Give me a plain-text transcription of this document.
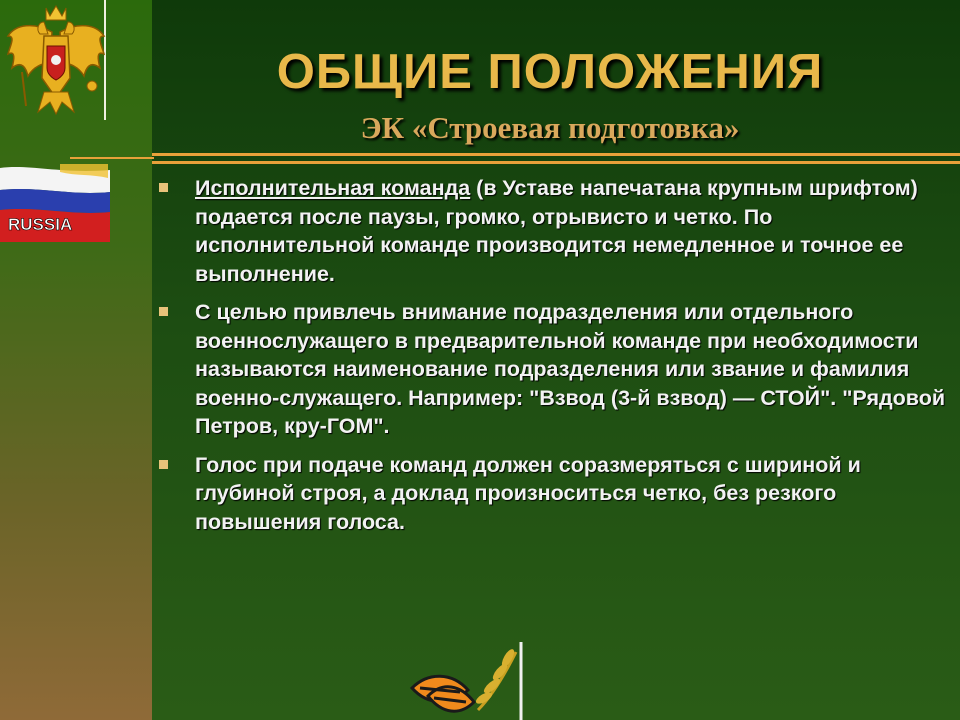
RUSSIA
ОБЩИЕ ПОЛОЖЕНИЯ
ЭК «Строевая подготовка»
Исполнительная команда (в Уставе напечатана крупным шрифтом) подается после паузы, громко, отрывисто и четко. По исполнительной команде производится немедленное и точное ее выполнение.
С целью привлечь внимание подразделения или отдельного военнослужащего в предварительной команде при необходимости называются наименование подразделения или звание и фамилия военно-служащего. Например: "Взвод (3-й взвод) — СТОЙ". "Рядовой Петров, кру-ГОМ".
Голос при подаче команд должен соразмеряться с шириной и глубиной строя, а доклад произноситься четко, без резкого повышения голоса.
